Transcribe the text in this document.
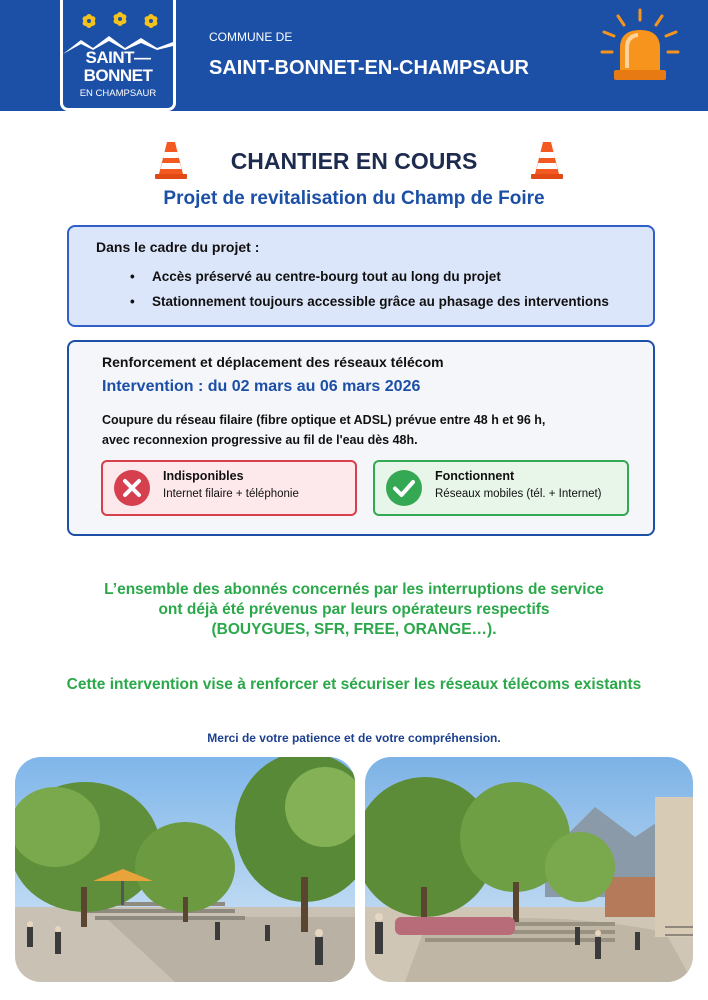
SAINT—
BONNET
EN CHAMPSAUR
COMMUNE DE
SAINT-BONNET-EN-CHAMPSAUR
CHANTIER EN COURS
Projet de revitalisation du Champ de Foire
Dans le cadre du projet :
• Accès préservé au centre-bourg tout au long du projet
• Stationnement toujours accessible grâce au phasage des interventions
Renforcement et déplacement des réseaux télécom
Intervention : du 02 mars au 06 mars 2026
Coupure du réseau filaire (fibre optique et ADSL) prévue entre 48 h et 96 h,
avec reconnexion progressive au fil de l'eau dès 48h.
Indisponibles
Internet filaire + téléphonie
Fonctionnent
Réseaux mobiles (tél. + Internet)
L’ensemble des abonnés concernés par les interruptions de service
ont déjà été prévenus par leurs opérateurs respectifs
(BOUYGUES, SFR, FREE, ORANGE…).
Cette intervention vise à renforcer et sécuriser les réseaux télécoms existants
Merci de votre patience et de votre compréhension.
